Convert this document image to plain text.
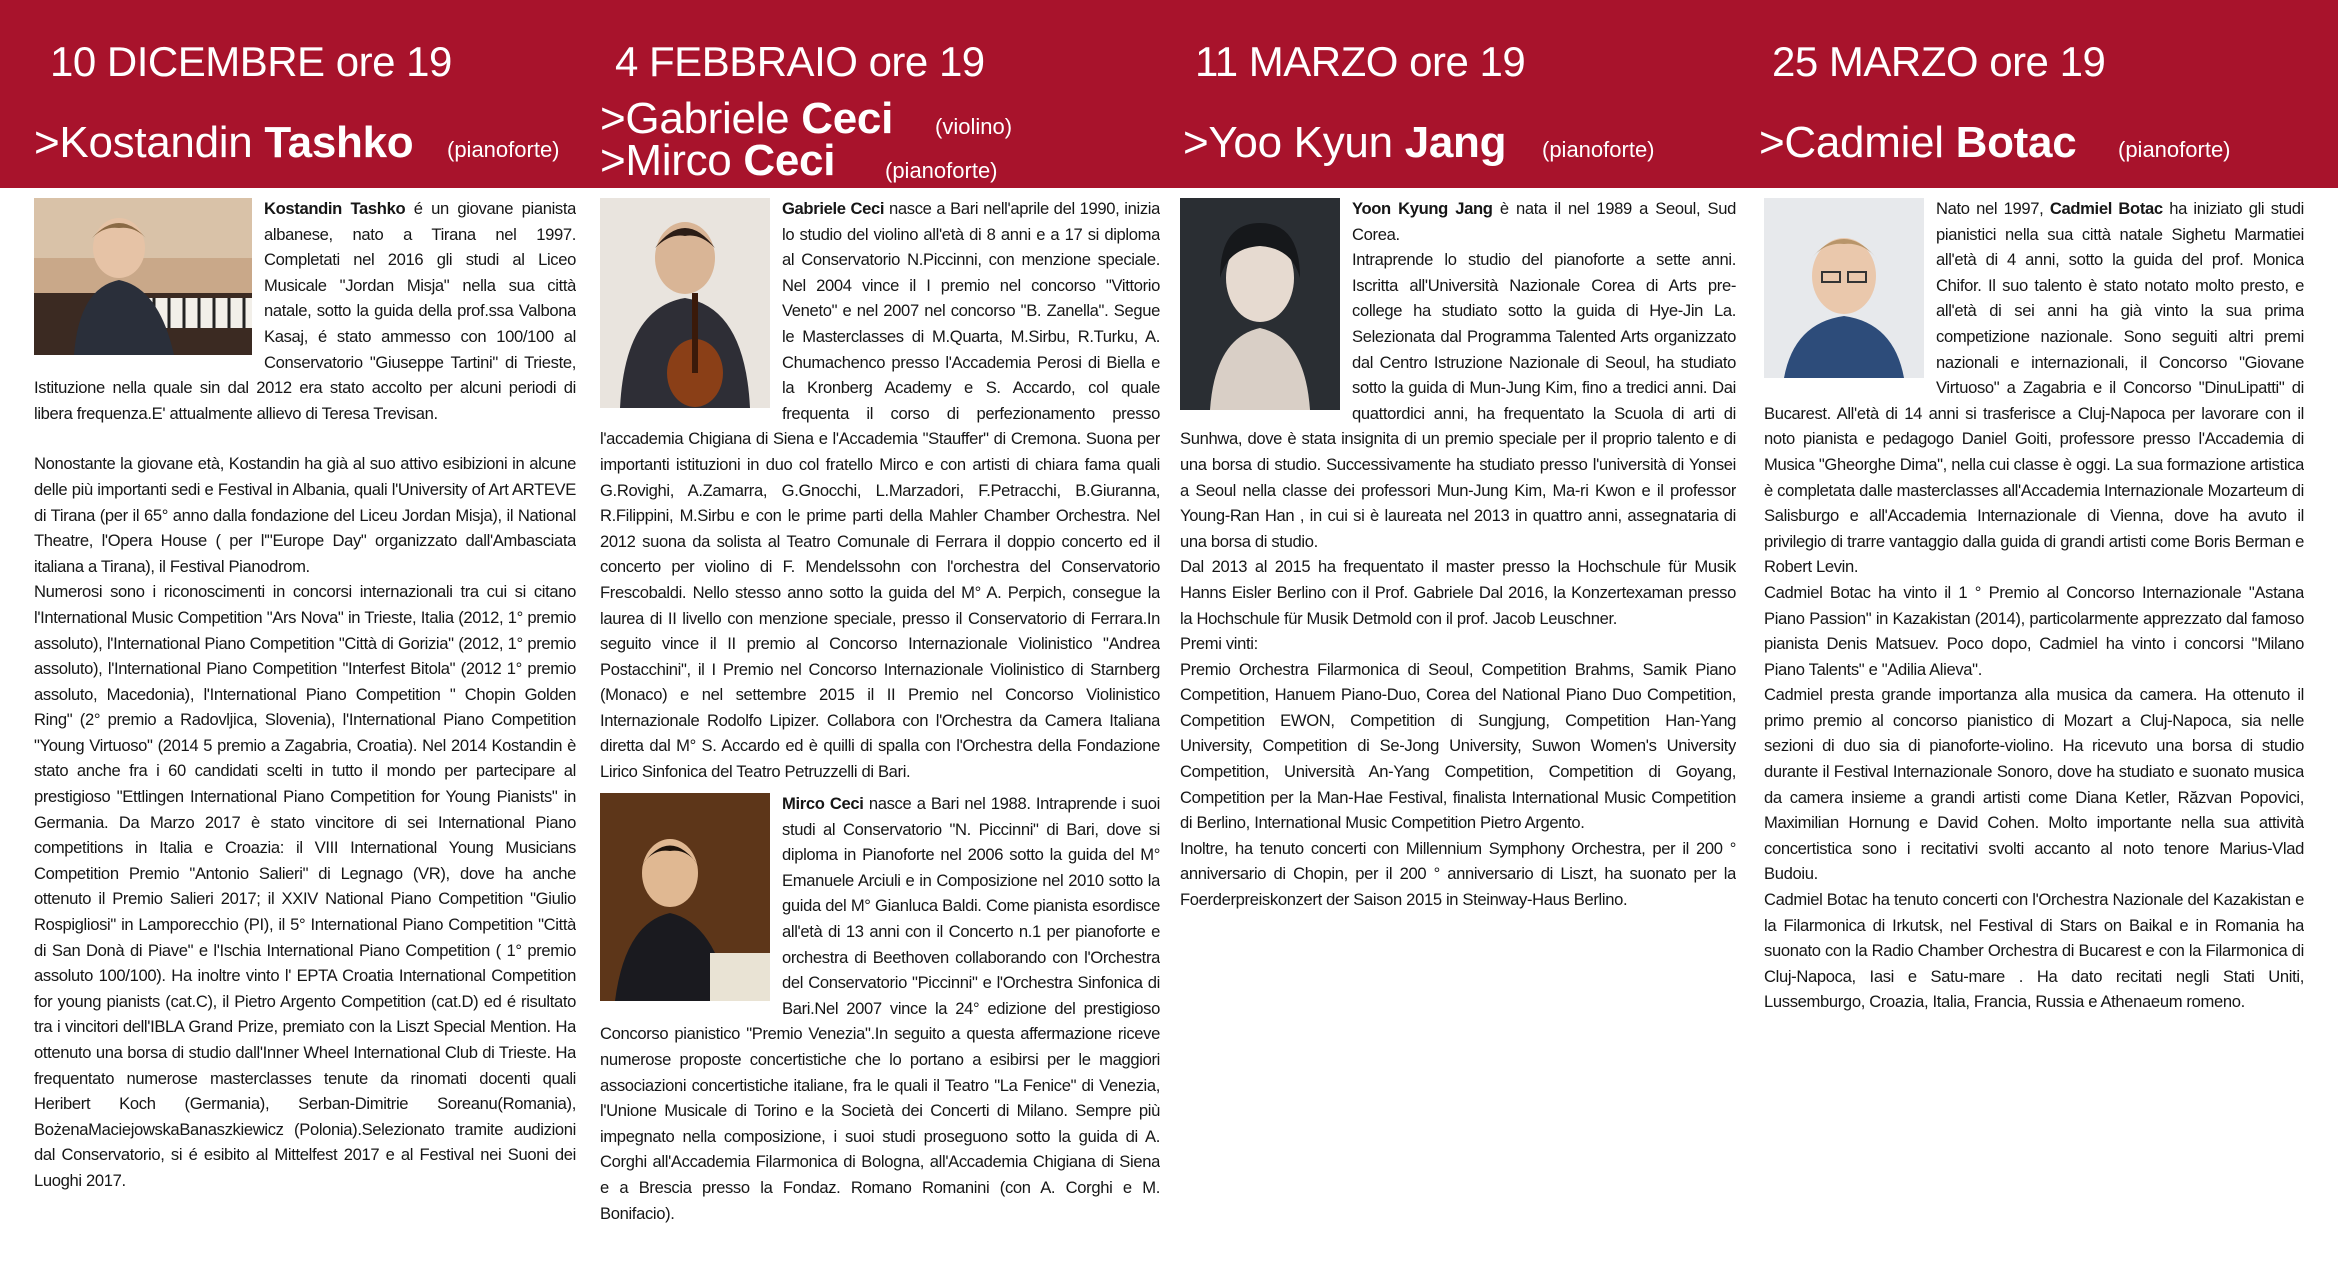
10 DICEMBRE ore 19
>Kostandin Tashko (pianoforte)
4 FEBBRAIO ore 19
>Gabriele Ceci (violino)
>Mirco Ceci (pianoforte)
11 MARZO ore 19
>Yoo Kyun Jang (pianoforte)
25 MARZO ore 19
>Cadmiel Botac (pianoforte)

Kostandin Tashko é un giovane pianista albanese, nato a Tirana nel 1997. Completati nel 2016 gli studi al Liceo Musicale "Jordan Misja" nella sua città natale, sotto la guida della prof.ssa Valbona Kasaj, é stato ammesso con 100/100 al Conservatorio "Giuseppe Tartini" di Trieste, Istituzione nella quale sin dal 2012 era stato accolto per alcuni periodi di libera frequenza.E' attualmente allievo di Teresa Trevisan.

Nonostante la giovane età, Kostandin ha già al suo attivo esibizioni in alcune delle più importanti sedi e Festival in Albania, quali l'University of Art ARTEVE di Tirana (per il 65° anno dalla fondazione del Liceu Jordan Misja), il National Theatre, l'Opera House ( per l'"Europe Day" organizzato dall'Ambasciata italiana a Tirana), il Festival Pianodrom.

Numerosi sono i riconoscimenti in concorsi internazionali tra cui si citano l'International Music Competition "Ars Nova" in Trieste, Italia (2012, 1° premio assoluto), l'International Piano Competition "Città di Gorizia" (2012, 1° premio assoluto), l'International Piano Competition "Interfest Bitola" (2012 1° premio assoluto, Macedonia), l'International Piano Competition " Chopin Golden Ring" (2° premio a Radovljica, Slovenia), l'International Piano Competition "Young Virtuoso" (2014 5 premio a Zagabria, Croatia). Nel 2014 Kostandin è stato anche fra i 60 candidati scelti in tutto il mondo per partecipare al prestigioso "Ettlingen International Piano Competition for Young Pianists" in Germania. Da Marzo 2017 è stato vincitore di sei International Piano competitions in Italia e Croazia: il VIII International Young Musicians Competition Premio "Antonio Salieri" di Legnago (VR), dove ha anche ottenuto il Premio Salieri 2017; il XXIV National Piano Competition "Giulio Rospigliosi" in Lamporecchio (PI), il 5° International Piano Competition "Città di San Donà di Piave" e l'Ischia International Piano Competition ( 1° premio assoluto 100/100). Ha inoltre vinto l' EPTA Croatia International Competition for young pianists (cat.C), il Pietro Argento Competition (cat.D) ed é risultato tra i vincitori dell'IBLA Grand Prize, premiato con la Liszt Special Mention. Ha ottenuto una borsa di studio dall'Inner Wheel International Club di Trieste. Ha frequentato numerose masterclasses tenute da rinomati docenti quali Heribert Koch (Germania), Serban-Dimitrie Soreanu(Romania), BożenaMaciejowskaBanaszkiewicz (Polonia).Selezionato tramite audizioni dal Conservatorio, si é esibito al Mittelfest 2017 e al Festival nei Suoni dei Luoghi 2017.

Gabriele Ceci nasce a Bari nell'aprile del 1990, inizia lo studio del violino all'età di 8 anni e a 17 si diploma al Conservatorio N.Piccinni, con menzione speciale. Nel 2004 vince il I premio nel concorso "Vittorio Veneto" e nel 2007 nel concorso "B. Zanella". Segue le Masterclasses di M.Quarta, M.Sirbu, R.Turku, A. Chumachenco presso l'Accademia Perosi di Biella e la Kronberg Academy e S. Accardo, col quale frequenta il corso di perfezionamento presso l'accademia Chigiana di Siena e l'Accademia "Stauffer" di Cremona. Suona per importanti istituzioni in duo col fratello Mirco e con artisti di chiara fama quali G.Rovighi, A.Zamarra, G.Gnocchi, L.Marzadori, F.Petracchi, B.Giuranna, R.Filippini, M.Sirbu e con le prime parti della Mahler Chamber Orchestra. Nel 2012 suona da solista al Teatro Comunale di Ferrara il doppio concerto ed il concerto per violino di F. Mendelssohn con l'orchestra del Conservatorio Frescobaldi. Nello stesso anno sotto la guida del M° A. Perpich, consegue la laurea di II livello con menzione speciale, presso il Conservatorio di Ferrara.In seguito vince il II premio al Concorso Internazionale Violinistico "Andrea Postacchini", il I Premio nel Concorso Internazionale Violinistico di Starnberg (Monaco) e nel settembre 2015 il II Premio nel Concorso Violinistico Internazionale Rodolfo Lipizer. Collabora con l'Orchestra da Camera Italiana diretta dal M° S. Accardo ed è quilli di spalla con l'Orchestra della Fondazione Lirico Sinfonica del Teatro Petruzzelli di Bari.

Mirco Ceci nasce a Bari nel 1988. Intraprende i suoi studi al Conservatorio "N. Piccinni" di Bari, dove si diploma in Pianoforte nel 2006 sotto la guida del M° Emanuele Arciuli e in Composizione nel 2010 sotto la guida del M° Gianluca Baldi. Come pianista esordisce all'età di 13 anni con il Concerto n.1 per pianoforte e orchestra di Beethoven collaborando con l'Orchestra del Conservatorio "Piccinni" e l'Orchestra Sinfonica di Bari.Nel 2007 vince la 24° edizione del prestigioso Concorso pianistico "Premio Venezia".In seguito a questa affermazione riceve numerose proposte concertistiche che lo portano a esibirsi per le maggiori associazioni concertistiche italiane, fra le quali il Teatro "La Fenice" di Venezia, l'Unione Musicale di Torino e la Società dei Concerti di Milano. Sempre più impegnato nella composizione, i suoi studi proseguono sotto la guida di A. Corghi all'Accademia Filarmonica di Bologna, all'Accademia Chigiana di Siena e a Brescia presso la Fondaz. Romano Romanini (con A. Corghi e M. Bonifacio).

Yoon Kyung Jang è nata il nel 1989 a Seoul, Sud Corea.

Intraprende lo studio del pianoforte a sette anni. Iscritta all'Università Nazionale Corea di Arts pre-college ha studiato sotto la guida di Hye-Jin La. Selezionata dal Programma Talented Arts organizzato dal Centro Istruzione Nazionale di Seoul, ha studiato sotto la guida di Mun-Jung Kim, fino a tredici anni. Dai quattordici anni, ha frequentato la Scuola di arti di Sunhwa, dove è stata insignita di un premio speciale per il proprio talento e di una borsa di studio. Successivamente ha studiato presso l'università di Yonsei a Seoul nella classe dei professori Mun-Jung Kim, Ma-ri Kwon e il professor Young-Ran Han , in cui si è laureata nel 2013 in quattro anni, assegnataria di una borsa di studio.

Dal 2013 al 2015 ha frequentato il master presso la Hochschule für Musik Hanns Eisler Berlino con il Prof. Gabriele Dal 2016, la Konzertexaman presso la Hochschule für Musik Detmold con il prof. Jacob Leuschner.

Premi vinti:

Premio Orchestra Filarmonica di Seoul, Competition Brahms, Samik Piano Competition, Hanuem Piano-Duo, Corea del National Piano Duo Competition, Competition EWON, Competition di Sungjung, Competition Han-Yang University, Competition di Se-Jong University, Suwon Women's University Competition, Università An-Yang Competition, Competition di Goyang, Competition per la Man-Hae Festival, finalista International Music Competition di Berlino, International Music Competition Pietro Argento.

Inoltre, ha tenuto concerti con Millennium Symphony Orchestra, per il 200 ° anniversario di Chopin, per il 200 ° anniversario di Liszt, ha suonato per la Foerderpreiskonzert der Saison 2015 in Steinway-Haus Berlino.

Nato nel 1997, Cadmiel Botac ha iniziato gli studi pianistici nella sua città natale Sighetu Marmatiei all'età di 4 anni, sotto la guida del prof. Monica Chifor. Il suo talento è stato notato molto presto, e all'età di sei anni ha già vinto la sua prima competizione nazionale. Sono seguiti altri premi nazionali e internazionali, il Concorso "Giovane Virtuoso" a Zagabria e il Concorso "DinuLipatti" di Bucarest. All'età di 14 anni si trasferisce a Cluj-Napoca per lavorare con il noto pianista e pedagogo Daniel Goiti, professore presso l'Accademia di Musica "Gheorghe Dima", nella cui classe è oggi. La sua formazione artistica è completata dalle masterclasses all'Accademia Internazionale Mozarteum di Salisburgo e all'Accademia Internazionale di Vienna, dove ha avuto il privilegio di trarre vantaggio dalla guida di grandi artisti come Boris Berman e Robert Levin.

Cadmiel Botac ha vinto il 1 ° Premio al Concorso Internazionale "Astana Piano Passion" in Kazakistan (2014), particolarmente apprezzato dal famoso pianista Denis Matsuev. Poco dopo, Cadmiel ha vinto i concorsi "Milano Piano Talents" e "Adilia Alieva".

Cadmiel presta grande importanza alla musica da camera. Ha ottenuto il primo premio al concorso pianistico di Mozart a Cluj-Napoca, sia nelle sezioni di duo sia di pianoforte-violino. Ha ricevuto una borsa di studio durante il Festival Internazionale Sonoro, dove ha studiato e suonato musica da camera insieme a grandi artisti come Diana Ketler, Răzvan Popovici, Maximilian Hornung e David Cohen. Molto importante nella sua attività concertistica sono i recitativi svolti accanto al noto tenore Marius-Vlad Budoiu.

Cadmiel Botac ha tenuto concerti con l'Orchestra Nazionale del Kazakistan e la Filarmonica di Irkutsk, nel Festival di Stars on Baikal e in Romania ha suonato con la Radio Chamber Orchestra di Bucarest e con la Filarmonica di Cluj-Napoca, Iasi e Satu-mare . Ha dato recitati negli Stati Uniti, Lussemburgo, Croazia, Italia, Francia, Russia e Athenaeum romeno.
